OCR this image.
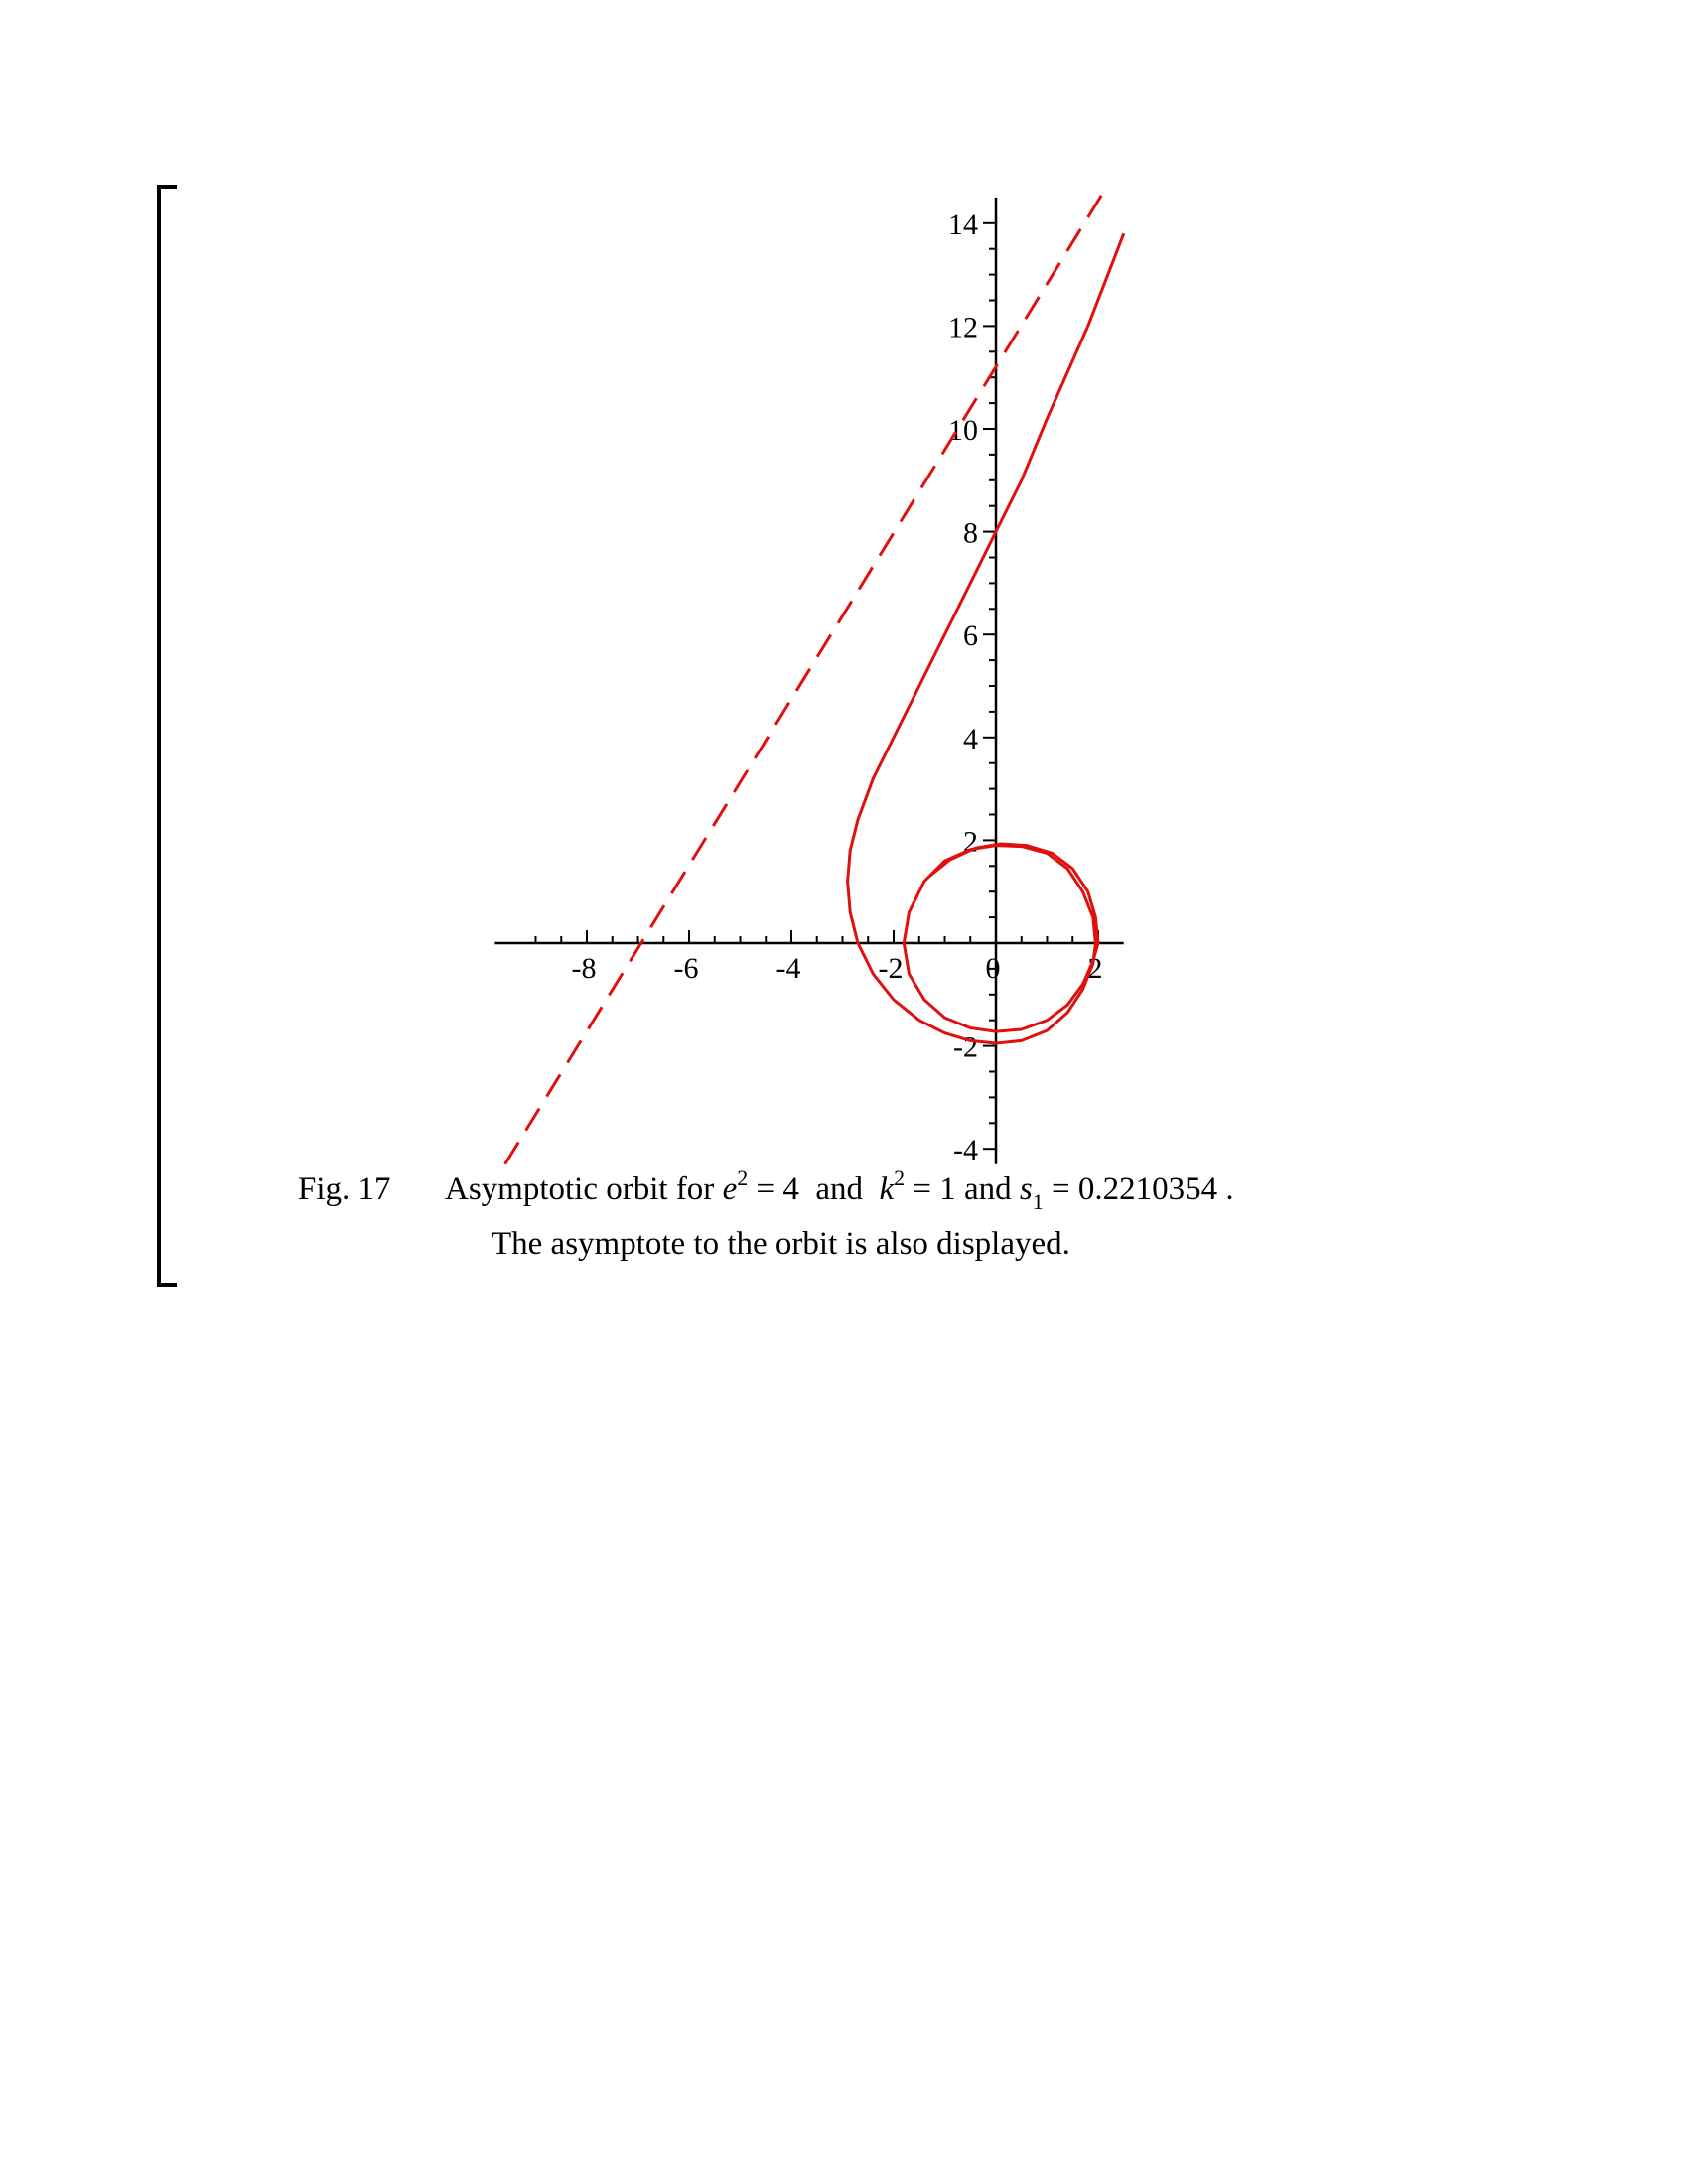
-8	-6	-4	-2	0	2
-4
-2
2
4
6
8
10
12
14
Fig. 17 Asymptotic orbit for $e^2 = 4$  and  $k^2 = 1$ and $s_1 = 0.2210354$ .
The asymptote to the orbit is also displayed.
